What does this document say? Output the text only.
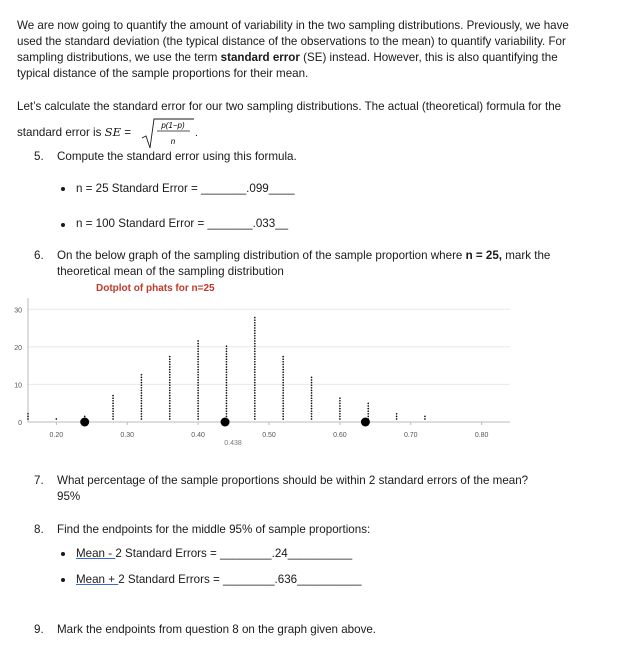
We are now going to quantify the amount of variability in the two sampling distributions. Previously, we have
used the standard deviation (the typical distance of the observations to the mean) to quantify variability. For
sampling distributions, we use the term standard error (SE) instead. However, this is also quantifying the
typical distance of the sample proportions for their mean.
Let’s calculate the standard error for our two sampling distributions. The actual (theoretical) formula for the
standard error is SE =
p(1−p)
n
.
5. Compute the standard error using this formula.
n = 25 Standard Error = _______.099____
n = 100 Standard Error = _______.033__
6. On the below graph of the sampling distribution of the sample proportion where n = 25, mark the
theoretical mean of the sampling distribution
Dotplot of phats for n=25
0
10
20
30
0.20	0.30	0.40	0.50	0.60	0.70	0.80
0.438
7. What percentage of the sample proportions should be within 2 standard errors of the mean?
95%
8. Find the endpoints for the middle 95% of sample proportions:
Mean - 2 Standard Errors = ________.24__________
Mean + 2 Standard Errors = ________.636__________
9. Mark the endpoints from question 8 on the graph given above.
